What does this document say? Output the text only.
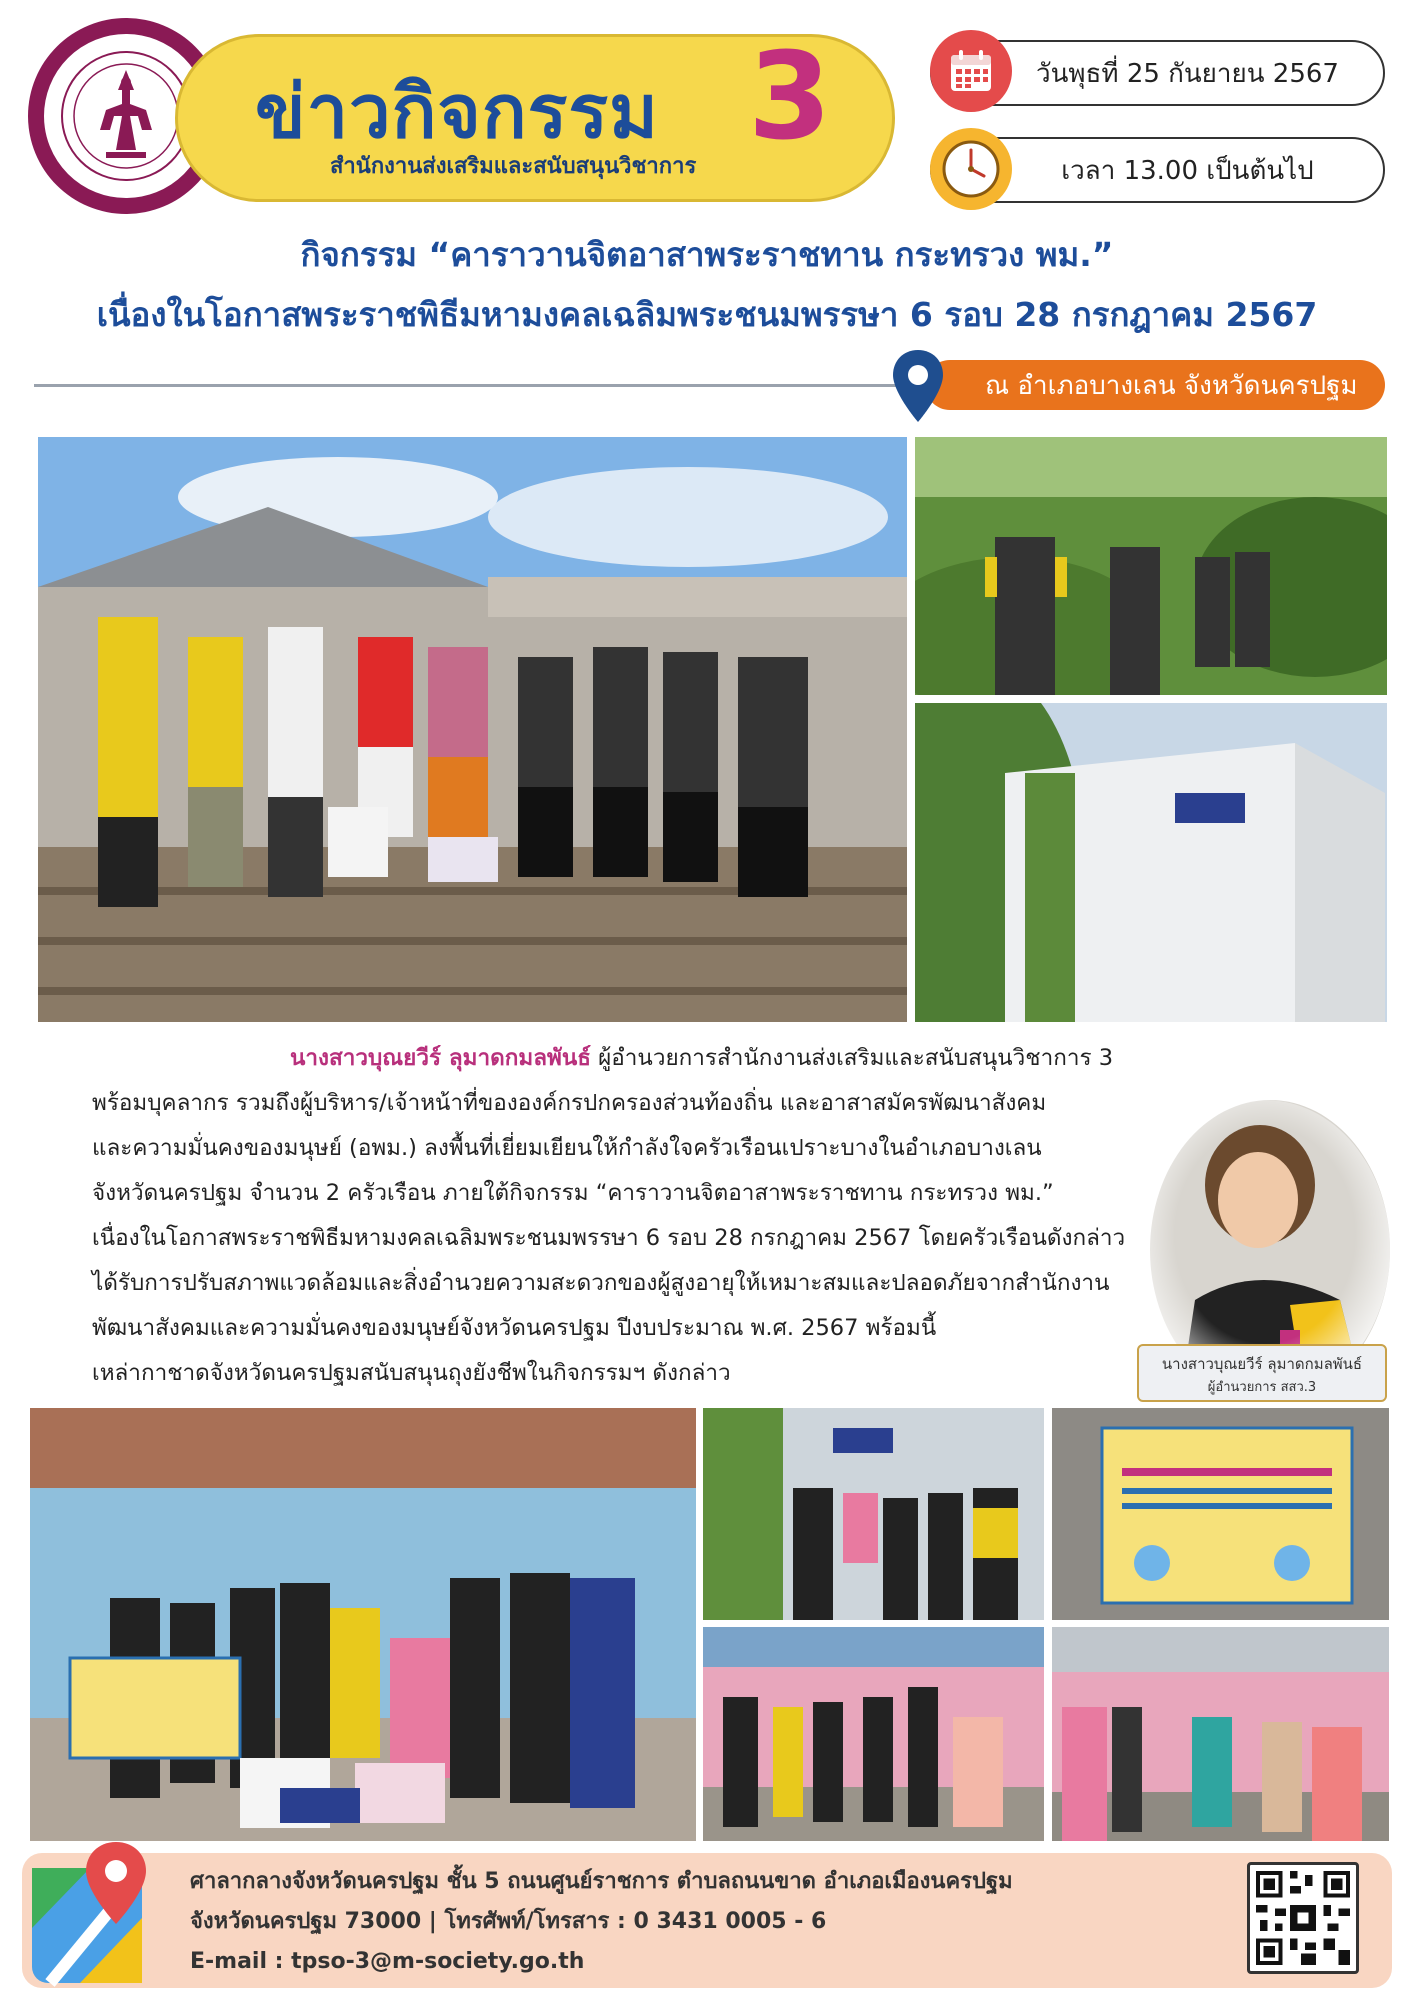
ข่าวกิจกรรม 3
สำนักงานส่งเสริมและสนับสนุนวิชาการ
วันพุธที่ 25 กันยายน 2567
เวลา 13.00 เป็นต้นไป
กิจกรรม “คาราวานจิตอาสาพระราชทาน กระทรวง พม.”
เนื่องในโอกาสพระราชพิธีมหามงคลเฉลิมพระชนมพรรษา 6 รอบ 28 กรกฎาคม 2567
ณ อำเภอบางเลน จังหวัดนครปฐม

นางสาวบุณยวีร์ ลุมาดกมลพันธ์ ผู้อำนวยการสำนักงานส่งเสริมและสนับสนุนวิชาการ 3

พร้อมบุคลากร รวมถึงผู้บริหาร/เจ้าหน้าที่ขององค์กรปกครองส่วนท้องถิ่น และอาสาสมัครพัฒนาสังคม

และความมั่นคงของมนุษย์ (อพม.) ลงพื้นที่เยี่ยมเยียนให้กำลังใจครัวเรือนเปราะบางในอำเภอบางเลน

จังหวัดนครปฐม จำนวน 2 ครัวเรือน ภายใต้กิจกรรม “คาราวานจิตอาสาพระราชทาน กระทรวง พม.”

เนื่องในโอกาสพระราชพิธีมหามงคลเฉลิมพระชนมพรรษา 6 รอบ 28 กรกฎาคม 2567 โดยครัวเรือนดังกล่าว

ได้รับการปรับสภาพแวดล้อมและสิ่งอำนวยความสะดวกของผู้สูงอายุให้เหมาะสมและปลอดภัยจากสำนักงาน

พัฒนาสังคมและความมั่นคงของมนุษย์จังหวัดนครปฐม ปีงบประมาณ พ.ศ. 2567 พร้อมนี้

เหล่ากาชาดจังหวัดนครปฐมสนับสนุนถุงยังชีพในกิจกรรมฯ ดังกล่าว	นางสาวบุณยวีร์ ลุมาดกมลพันธ์
ผู้อำนวยการ สสว.3
ศาลากลางจังหวัดนครปฐม ชั้น 5 ถนนศูนย์ราชการ ตำบลถนนขาด อำเภอเมืองนครปฐม
จังหวัดนครปฐม 73000 | โทรศัพท์/โทรสาร : 0 3431 0005 - 6
E-mail : tpso-3@m-society.go.th
